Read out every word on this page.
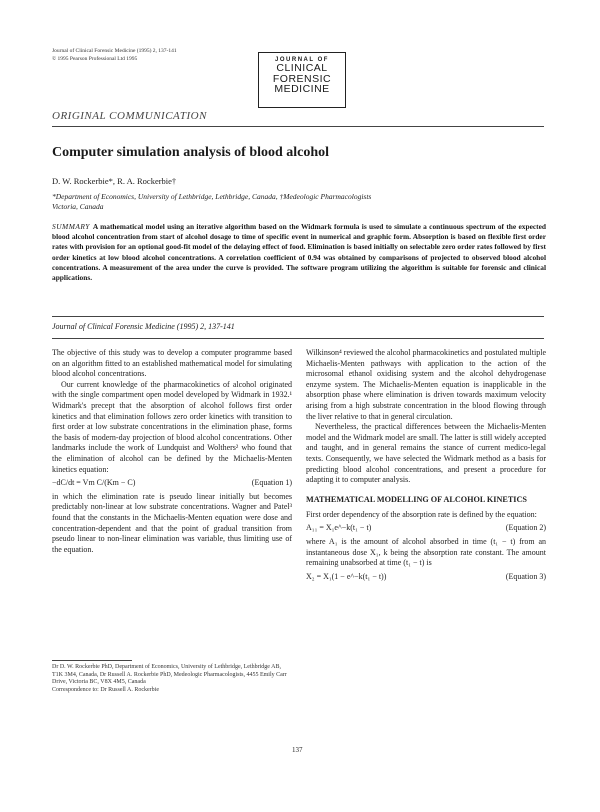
Journal of Clinical Forensic Medicine (1995) 2, 137-141
© 1995 Pearson Professional Ltd 1995	JOURNAL OF
CLINICAL
FORENSIC
MEDICINE
ORIGINAL COMMUNICATION
Computer simulation analysis of blood alcohol
D. W. Rockerbie*, R. A. Rockerbie†
*Department of Economics, University of Lethbridge, Lethbridge, Canada, †Medeologic Pharmacologists
Victoria, Canada
SUMMARY A mathematical model using an iterative algorithm based on the Widmark formula is used to simulate a continuous spectrum of the expected blood alcohol concentration from start of alcohol dosage to time of specific event in numerical and graphic form. Absorption is based on flexible first order rates with provision for an optional good-fit model of the delaying effect of food. Elimination is based initially on selectable zero order rates followed by first order kinetics at low blood alcohol concentrations. A correlation coefficient of 0.94 was obtained by comparisons of projected to observed blood alcohol concentrations. A measurement of the area under the curve is provided. The software program utilizing the algorithm is suitable for forensic and clinical applications.
Journal of Clinical Forensic Medicine (1995) 2, 137-141

The objective of this study was to develop a computer programme based on an algorithm fitted to an established mathematical model for simulating blood alcohol concentrations.

Our current knowledge of the pharmacokinetics of alcohol originated with the single compartment open model developed by Widmark in 1932.¹ Widmark's precept that the absorption of alcohol follows first order kinetics and that elimination follows zero order kinetics with transition to first order at low substrate concentrations in the elimination phase, forms the basis of modern-day projection of blood alcohol concentrations. Other landmarks include the work of Lundquist and Wolthers² who found that the elimination of alcohol can be defined by the Michaelis-Menten kinetics equation:

−dC/dt = Vm C/(Km − C)	(Equation 1)

in which the elimination rate is pseudo linear initially but becomes predictably non-linear at low substrate concentrations. Wagner and Patel³ found that the constants in the Michaelis-Menten equation were dose and concentration-dependent and that the point of gradual transition from pseudo linear to non-linear elimination was variable, thus limiting use of the equation.

Dr D. W. Rockerbie PhD, Department of Economics, University of Lethbridge, Lethbridge AB, T1K 3M4, Canada, Dr Russell A. Rockerbie PhD, Medeologic Pharmacologists, 4455 Emily Carr Drive, Victoria BC, V8X 4M5, Canada
Correspondence to: Dr Russell A. Rockerbie

Wilkinson⁴ reviewed the alcohol pharmacokinetics and postulated multiple Michaelis-Menten pathways with application to the action of the microsomal ethanol oxidising system and the alcohol dehydrogenase enzyme system. The Michaelis-Menten equation is inapplicable in the absorption phase where elimination is driven towards maximum velocity arising from a high substrate concentration in the blood flowing through the liver relative to that in general circulation.

Nevertheless, the practical differences between the Michaelis-Menten model and the Widmark model are small. The latter is still widely accepted and taught, and in general remains the stance of current medico-legal texts. Consequently, we have selected the Widmark method as a basis for predicting blood alcohol concentrations, and present a procedure for adapting it to computer analysis.

MATHEMATICAL MODELLING OF ALCOHOL KINETICS

First order dependency of the absorption rate is defined by the equation:

A₁₁ = X₁e^−k(t₁ − t)	(Equation 2)

where A₁ is the amount of alcohol absorbed in time (t₁ − t) from an instantaneous dose X₁, k being the absorption rate constant. The amount remaining unabsorbed at time (t₁ − t) is

X₂ = X₁(1 − e^−k(t₁ − t))	(Equation 3)
137
